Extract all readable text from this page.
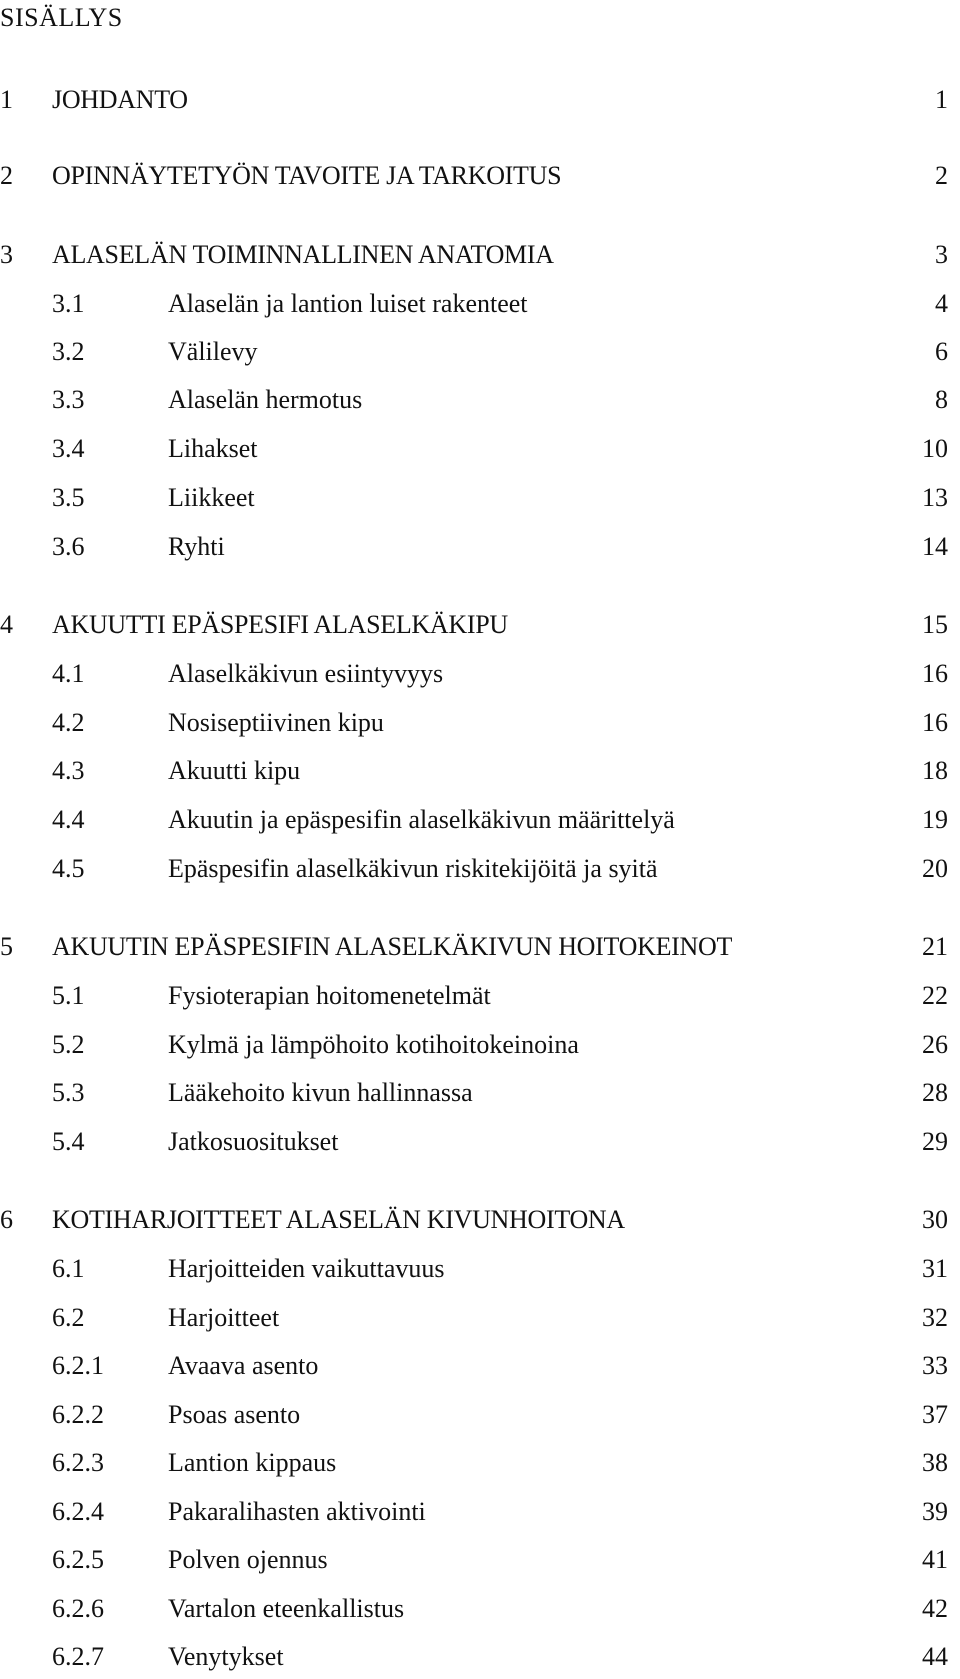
SISÄLLYS
1 JOHDANTO	1
2 OPINNÄYTETYÖN TAVOITE JA TARKOITUS	2
3 ALASELÄN TOIMINNALLINEN ANATOMIA	3
3.1	Alaselän ja lantion luiset rakenteet	4
3.2	Välilevy	6
3.3	Alaselän hermotus	8
3.4	Lihakset	10
3.5	Liikkeet	13
3.6	Ryhti	14
4 AKUUTTI EPÄSPESIFI ALASELKÄKIPU	15
4.1	Alaselkäkivun esiintyvyys	16
4.2	Nosiseptiivinen kipu	16
4.3	Akuutti kipu	18
4.4	Akuutin ja epäspesifin alaselkäkivun määrittelyä	19
4.5	Epäspesifin alaselkäkivun riskitekijöitä ja syitä	20
5 AKUUTIN EPÄSPESIFIN ALASELKÄKIVUN HOITOKEINOT	21
5.1	Fysioterapian hoitomenetelmät	22
5.2	Kylmä ja lämpöhoito kotihoitokeinoina	26
5.3	Lääkehoito kivun hallinnassa	28
5.4	Jatkosuositukset	29
6 KOTIHARJOITTEET ALASELÄN KIVUNHOITONA	30
6.1	Harjoitteiden vaikuttavuus	31
6.2	Harjoitteet	32
6.2.1 Avaava asento	33
6.2.2 Psoas asento	37
6.2.3 Lantion kippaus	38
6.2.4 Pakaralihasten aktivointi	39
6.2.5 Polven ojennus	41
6.2.6 Vartalon eteenkallistus	42
6.2.7 Venytykset	44
